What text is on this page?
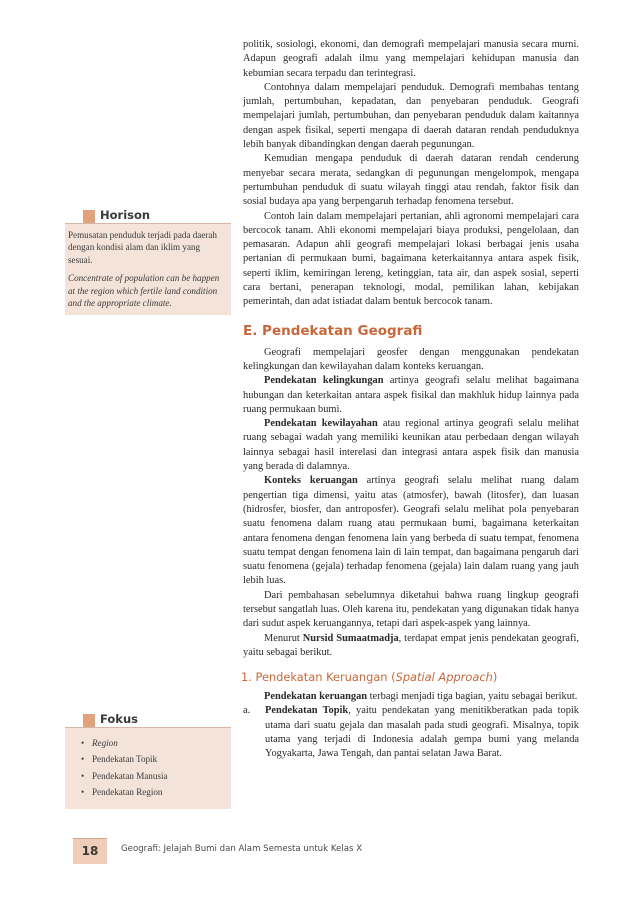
Horison

Pemusatan penduduk terjadi pada daerah dengan kondisi alam dan iklim yang sesuai.

Concentrate of population can be happen at the region which fertile land condition and the appropriate climate.

Fokus
• Region
• Pendekatan Topik
• Pendekatan Manusia
• Pendekatan Region

politik, sosiologi, ekonomi, dan demografi mempelajari manusia secara murni. Adapun geografi adalah ilmu yang mempelajari kehidupan manusia dan kebumian secara terpadu dan terintegrasi.

Contohnya dalam mempelajari penduduk. Demografi membahas tentang jumlah, pertumbuhan, kepadatan, dan penyebaran penduduk. Geografi mempelajari jumlah, pertumbuhan, dan penyebaran penduduk dalam kaitannya dengan aspek fisikal, seperti mengapa di daerah dataran rendah penduduknya lebih banyak dibandingkan dengan daerah pegunungan.

Kemudian mengapa penduduk di daerah dataran rendah cenderung menyebar secara merata, sedangkan di pegunungan mengelompok, mengapa pertumbuhan penduduk di suatu wilayah tinggi atau rendah, faktor fisik dan sosial budaya apa yang berpengaruh terhadap fenomena tersebut.

Contoh lain dalam mempelajari pertanian, ahli agronomi mempelajari cara bercocok tanam. Ahli ekonomi mempelajari biaya produksi, pengelolaan, dan pemasaran. Adapun ahli geografi mempelajari lokasi berbagai jenis usaha pertanian di permukaan bumi, bagaimana keterkaitannya antara aspek fisik, seperti iklim, kemiringan lereng, ketinggian, tata air, dan aspek sosial, seperti cara bertani, penerapan teknologi, modal, pemilikan lahan, kebijakan pemerintah, dan adat istiadat dalam bentuk bercocok tanam.

E. Pendekatan Geografi

Geografi mempelajari geosfer dengan menggunakan pendekatan kelingkungan dan kewilayahan dalam konteks keruangan.

Pendekatan kelingkungan artinya geografi selalu melihat bagaimana hubungan dan keterkaitan antara aspek fisikal dan makhluk hidup lainnya pada ruang permukaan bumi.

Pendekatan kewilayahan atau regional artinya geografi selalu melihat ruang sebagai wadah yang memiliki keunikan atau perbedaan dengan wilayah lainnya sebagai hasil interelasi dan integrasi antara aspek fisik dan manusia yang berada di dalamnya.

Konteks keruangan artinya geografi selalu melihat ruang dalam pengertian tiga dimensi, yaitu atas (atmosfer), bawah (litosfer), dan luasan (hidrosfer, biosfer, dan antroposfer). Geografi selalu melihat pola penyebaran suatu fenomena dalam ruang atau permukaan bumi, bagaimana keterkaitan antara fenomena dengan fenomena lain yang berbeda di suatu tempat, fenomena suatu tempat dengan fenomena lain di lain tempat, dan bagaimana pengaruh dari suatu fenomena (gejala) terhadap fenomena (gejala) lain dalam ruang yang jauh lebih luas.

Dari pembahasan sebelumnya diketahui bahwa ruang lingkup geografi tersebut sangatlah luas. Oleh karena itu, pendekatan yang digunakan tidak hanya dari sudut aspek keruangannya, tetapi dari aspek-aspek yang lainnya.

Menurut Nursid Sumaatmadja, terdapat empat jenis pendekatan geografi, yaitu sebagai berikut.

1. Pendekatan Keruangan (Spatial Approach)

Pendekatan keruangan terbagi menjadi tiga bagian, yaitu sebagai berikut.

a.	Pendekatan Topik, yaitu pendekatan yang menitikberatkan pada topik utama dari suatu gejala dan masalah pada studi geografi. Misalnya, topik utama yang terjadi di Indonesia adalah gempa bumi yang melanda Yogyakarta, Jawa Tengah, dan pantai selatan Jawa Barat.

18	Geografi: Jelajah Bumi dan Alam Semesta untuk Kelas X
